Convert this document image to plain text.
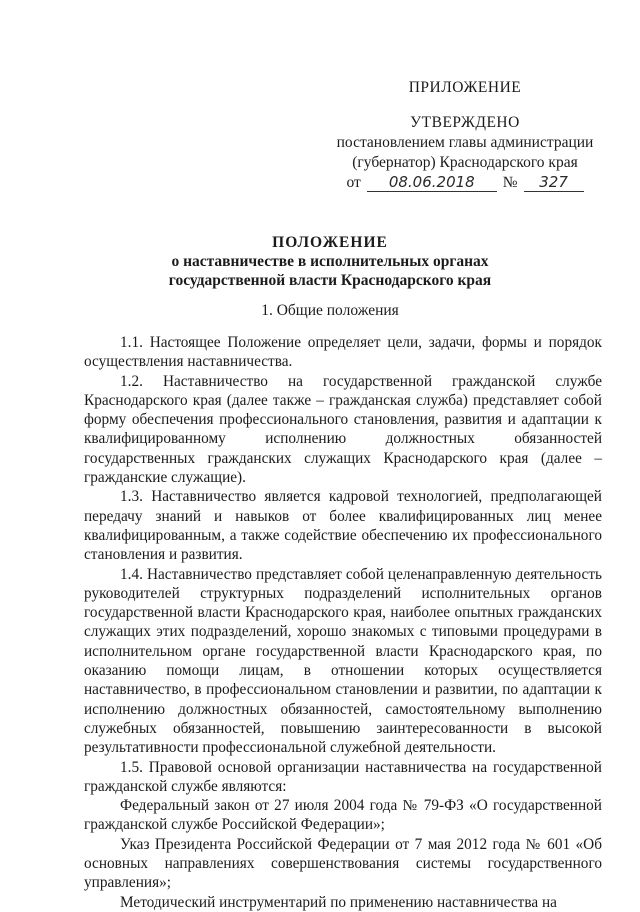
ПРИЛОЖЕНИЕ
УТВЕРЖДЕНО
постановлением главы администрации
(губернатор) Краснодарского края
от	08.06.2018	№	327
ПОЛОЖЕНИЕ
о наставничестве в исполнительных органах
государственной власти Краснодарского края
1. Общие положения

1.1. Настоящее Положение определяет цели, задачи, формы и порядок осуществления наставничества.

1.2. Наставничество на государственной гражданской службе Краснодарского края (далее также – гражданская служба) представляет собой форму обеспечения профессионального становления, развития и адаптации к квалифицированному исполнению должностных обязанностей государственных гражданских служащих Краснодарского края (далее – гражданские служащие).

1.3. Наставничество является кадровой технологией, предполагающей передачу знаний и навыков от более квалифицированных лиц менее квалифицированным, а также содействие обеспечению их профессионального становления и развития.

1.4. Наставничество представляет собой целенаправленную деятельность руководителей структурных подразделений исполнительных органов государственной власти Краснодарского края, наиболее опытных гражданских служащих этих подразделений, хорошо знакомых с типовыми процедурами в исполнительном органе государственной власти Краснодарского края, по оказанию помощи лицам, в отношении которых осуществляется наставничество, в профессиональном становлении и развитии, по адаптации к исполнению должностных обязанностей, самостоятельному выполнению служебных обязанностей, повышению заинтересованности в высокой результативности профессиональной служебной деятельности.

1.5. Правовой основой организации наставничества на государственной гражданской службе являются:

Федеральный закон от 27 июля 2004 года № 79-ФЗ «О государственной гражданской службе Российской Федерации»;

Указ Президента Российской Федерации от 7 мая 2012 года № 601 «Об основных направлениях совершенствования системы государственного управления»;

Методический инструментарий по применению наставничества на
